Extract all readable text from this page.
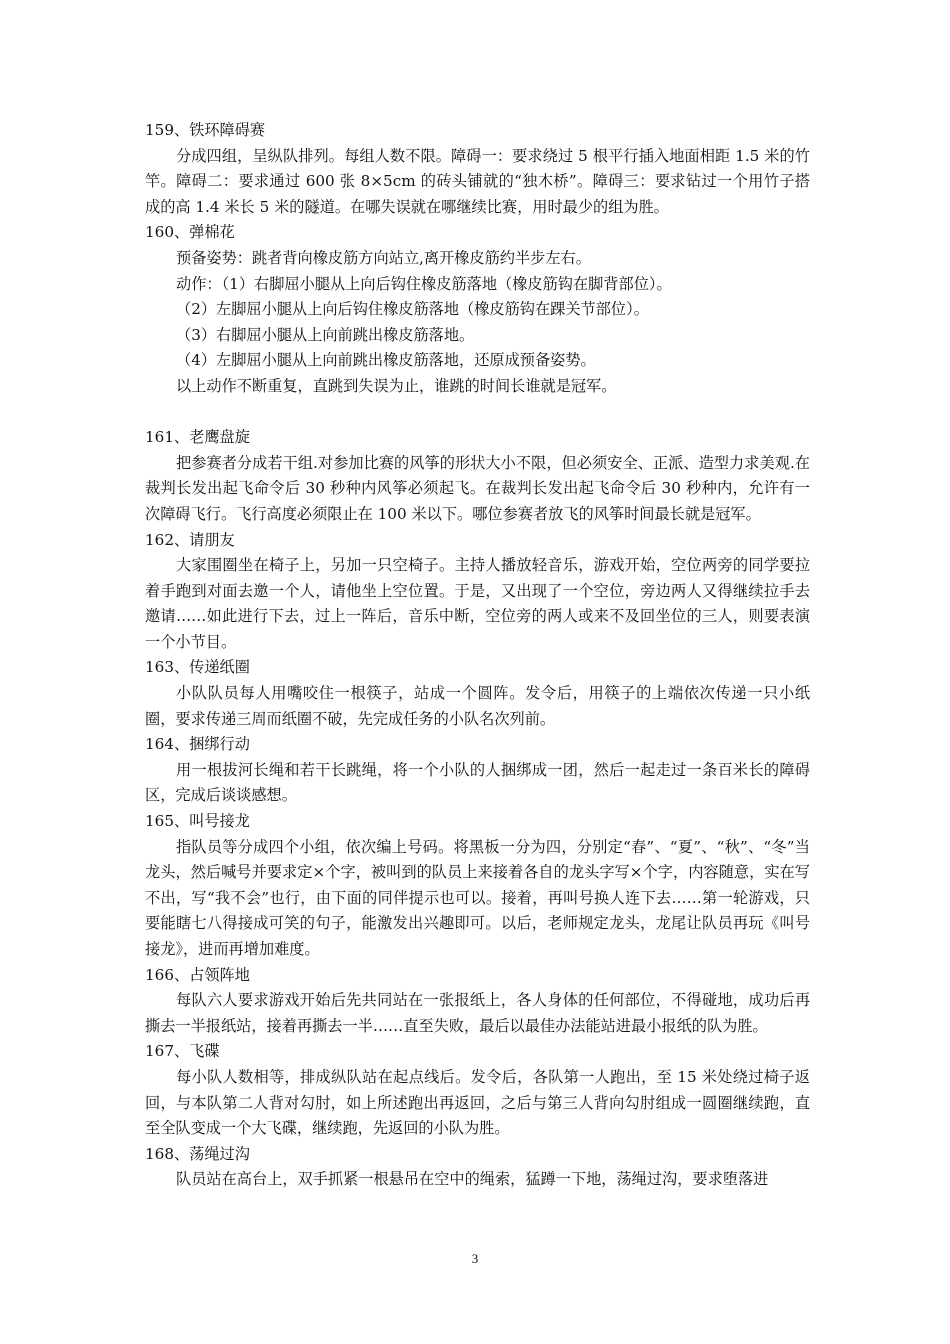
159、铁环障碍赛

分成四组，呈纵队排列。每组人数不限。障碍一：要求绕过 5 根平行插入地面相距 1.5 米的竹竿。障碍二：要求通过 600 张 8×5cm 的砖头铺就的“独木桥”。障碍三：要求钻过一个用竹子搭成的高 1.4 米长 5 米的隧道。在哪失误就在哪继续比赛，用时最少的组为胜。

160、弹棉花

预备姿势：跳者背向橡皮筋方向站立,离开橡皮筋约半步左右。

动作：（1）右脚屈小腿从上向后钩住橡皮筋落地（橡皮筋钩在脚背部位）。

（2）左脚屈小腿从上向后钩住橡皮筋落地（橡皮筋钩在踝关节部位）。

（3）右脚屈小腿从上向前跳出橡皮筋落地。

（4）左脚屈小腿从上向前跳出橡皮筋落地，还原成预备姿势。

以上动作不断重复，直跳到失误为止，谁跳的时间长谁就是冠军。

161、老鹰盘旋

把参赛者分成若干组.对参加比赛的风筝的形状大小不限，但必须安全、正派、造型力求美观.在裁判长发出起飞命令后 30 秒种内风筝必须起飞。在裁判长发出起飞命令后 30 秒种内，允许有一次障碍飞行。飞行高度必须限止在 100 米以下。哪位参赛者放飞的风筝时间最长就是冠军。

162、请朋友

大家围圈坐在椅子上，另加一只空椅子。主持人播放轻音乐，游戏开始，空位两旁的同学要拉着手跑到对面去邀一个人，请他坐上空位置。于是，又出现了一个空位，旁边两人又得继续拉手去邀请……如此进行下去，过上一阵后，音乐中断，空位旁的两人或来不及回坐位的三人，则要表演一个小节目。

163、传递纸圈

小队队员每人用嘴咬住一根筷子，站成一个圆阵。发令后，用筷子的上端依次传递一只小纸圈，要求传递三周而纸圈不破，先完成任务的小队名次列前。

164、捆绑行动

用一根拔河长绳和若干长跳绳，将一个小队的人捆绑成一团，然后一起走过一条百米长的障碍区，完成后谈谈感想。

165、叫号接龙

指队员等分成四个小组，依次编上号码。将黑板一分为四，分别定“春”、“夏”、“秋”、“冬”当龙头，然后喊号并要求定×个字，被叫到的队员上来接着各自的龙头字写×个字，内容随意，实在写不出，写“我不会”也行，由下面的同伴提示也可以。接着，再叫号换人连下去……第一轮游戏，只要能瞎七八得接成可笑的句子，能激发出兴趣即可。以后，老师规定龙头，龙尾让队员再玩《叫号接龙》，进而再增加难度。

166、占领阵地

每队六人要求游戏开始后先共同站在一张报纸上，各人身体的任何部位，不得碰地，成功后再撕去一半报纸站，接着再撕去一半……直至失败，最后以最佳办法能站进最小报纸的队为胜。

167、飞碟

每小队人数相等，排成纵队站在起点线后。发令后，各队第一人跑出，至 15 米处绕过椅子返回，与本队第二人背对勾肘，如上所述跑出再返回，之后与第三人背向勾肘组成一圆圈继续跑，直至全队变成一个大飞碟，继续跑，先返回的小队为胜。

168、荡绳过沟

队员站在高台上，双手抓紧一根悬吊在空中的绳索，猛蹲一下地，荡绳过沟，要求堕落进

3
